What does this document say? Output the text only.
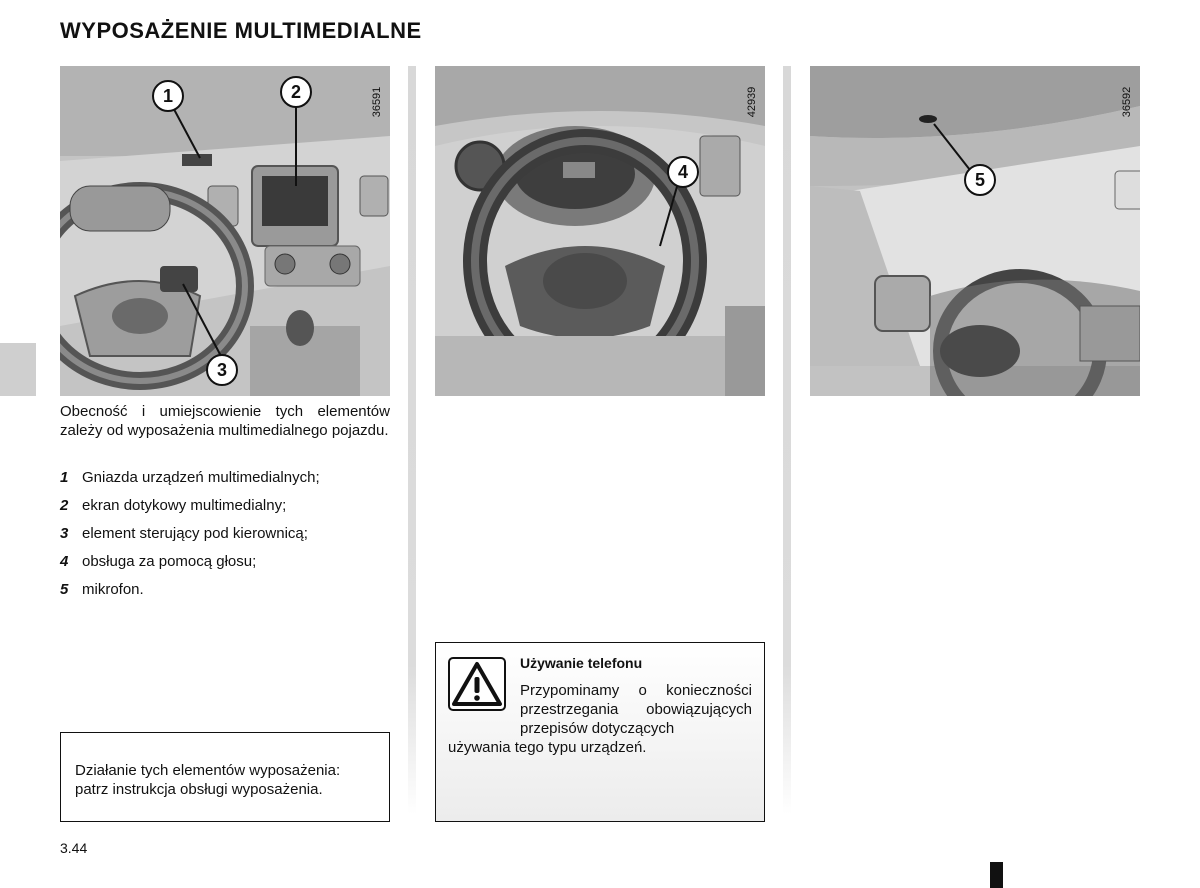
WYPOSAŻENIE MULTIMEDIALNE
36591
1	2
3
42939
4
36592
5
Obecność i umiejscowienie tych elementów zależy od wyposażenia multimedialnego pojazdu.
1 Gniazda urządzeń multimedialnych;
2 ekran dotykowy multimedialny;
3 element sterujący pod kierownicą;
4 obsługa za pomocą głosu;
5 mikrofon.

Działanie tych elementów wyposażenia: patrz instrukcja obsługi wyposażenia.

Używanie telefonu
Przypominamy o konieczności przestrzegania obowiązujących przepisów dotyczących
używania tego typu urządzeń.
3.44
